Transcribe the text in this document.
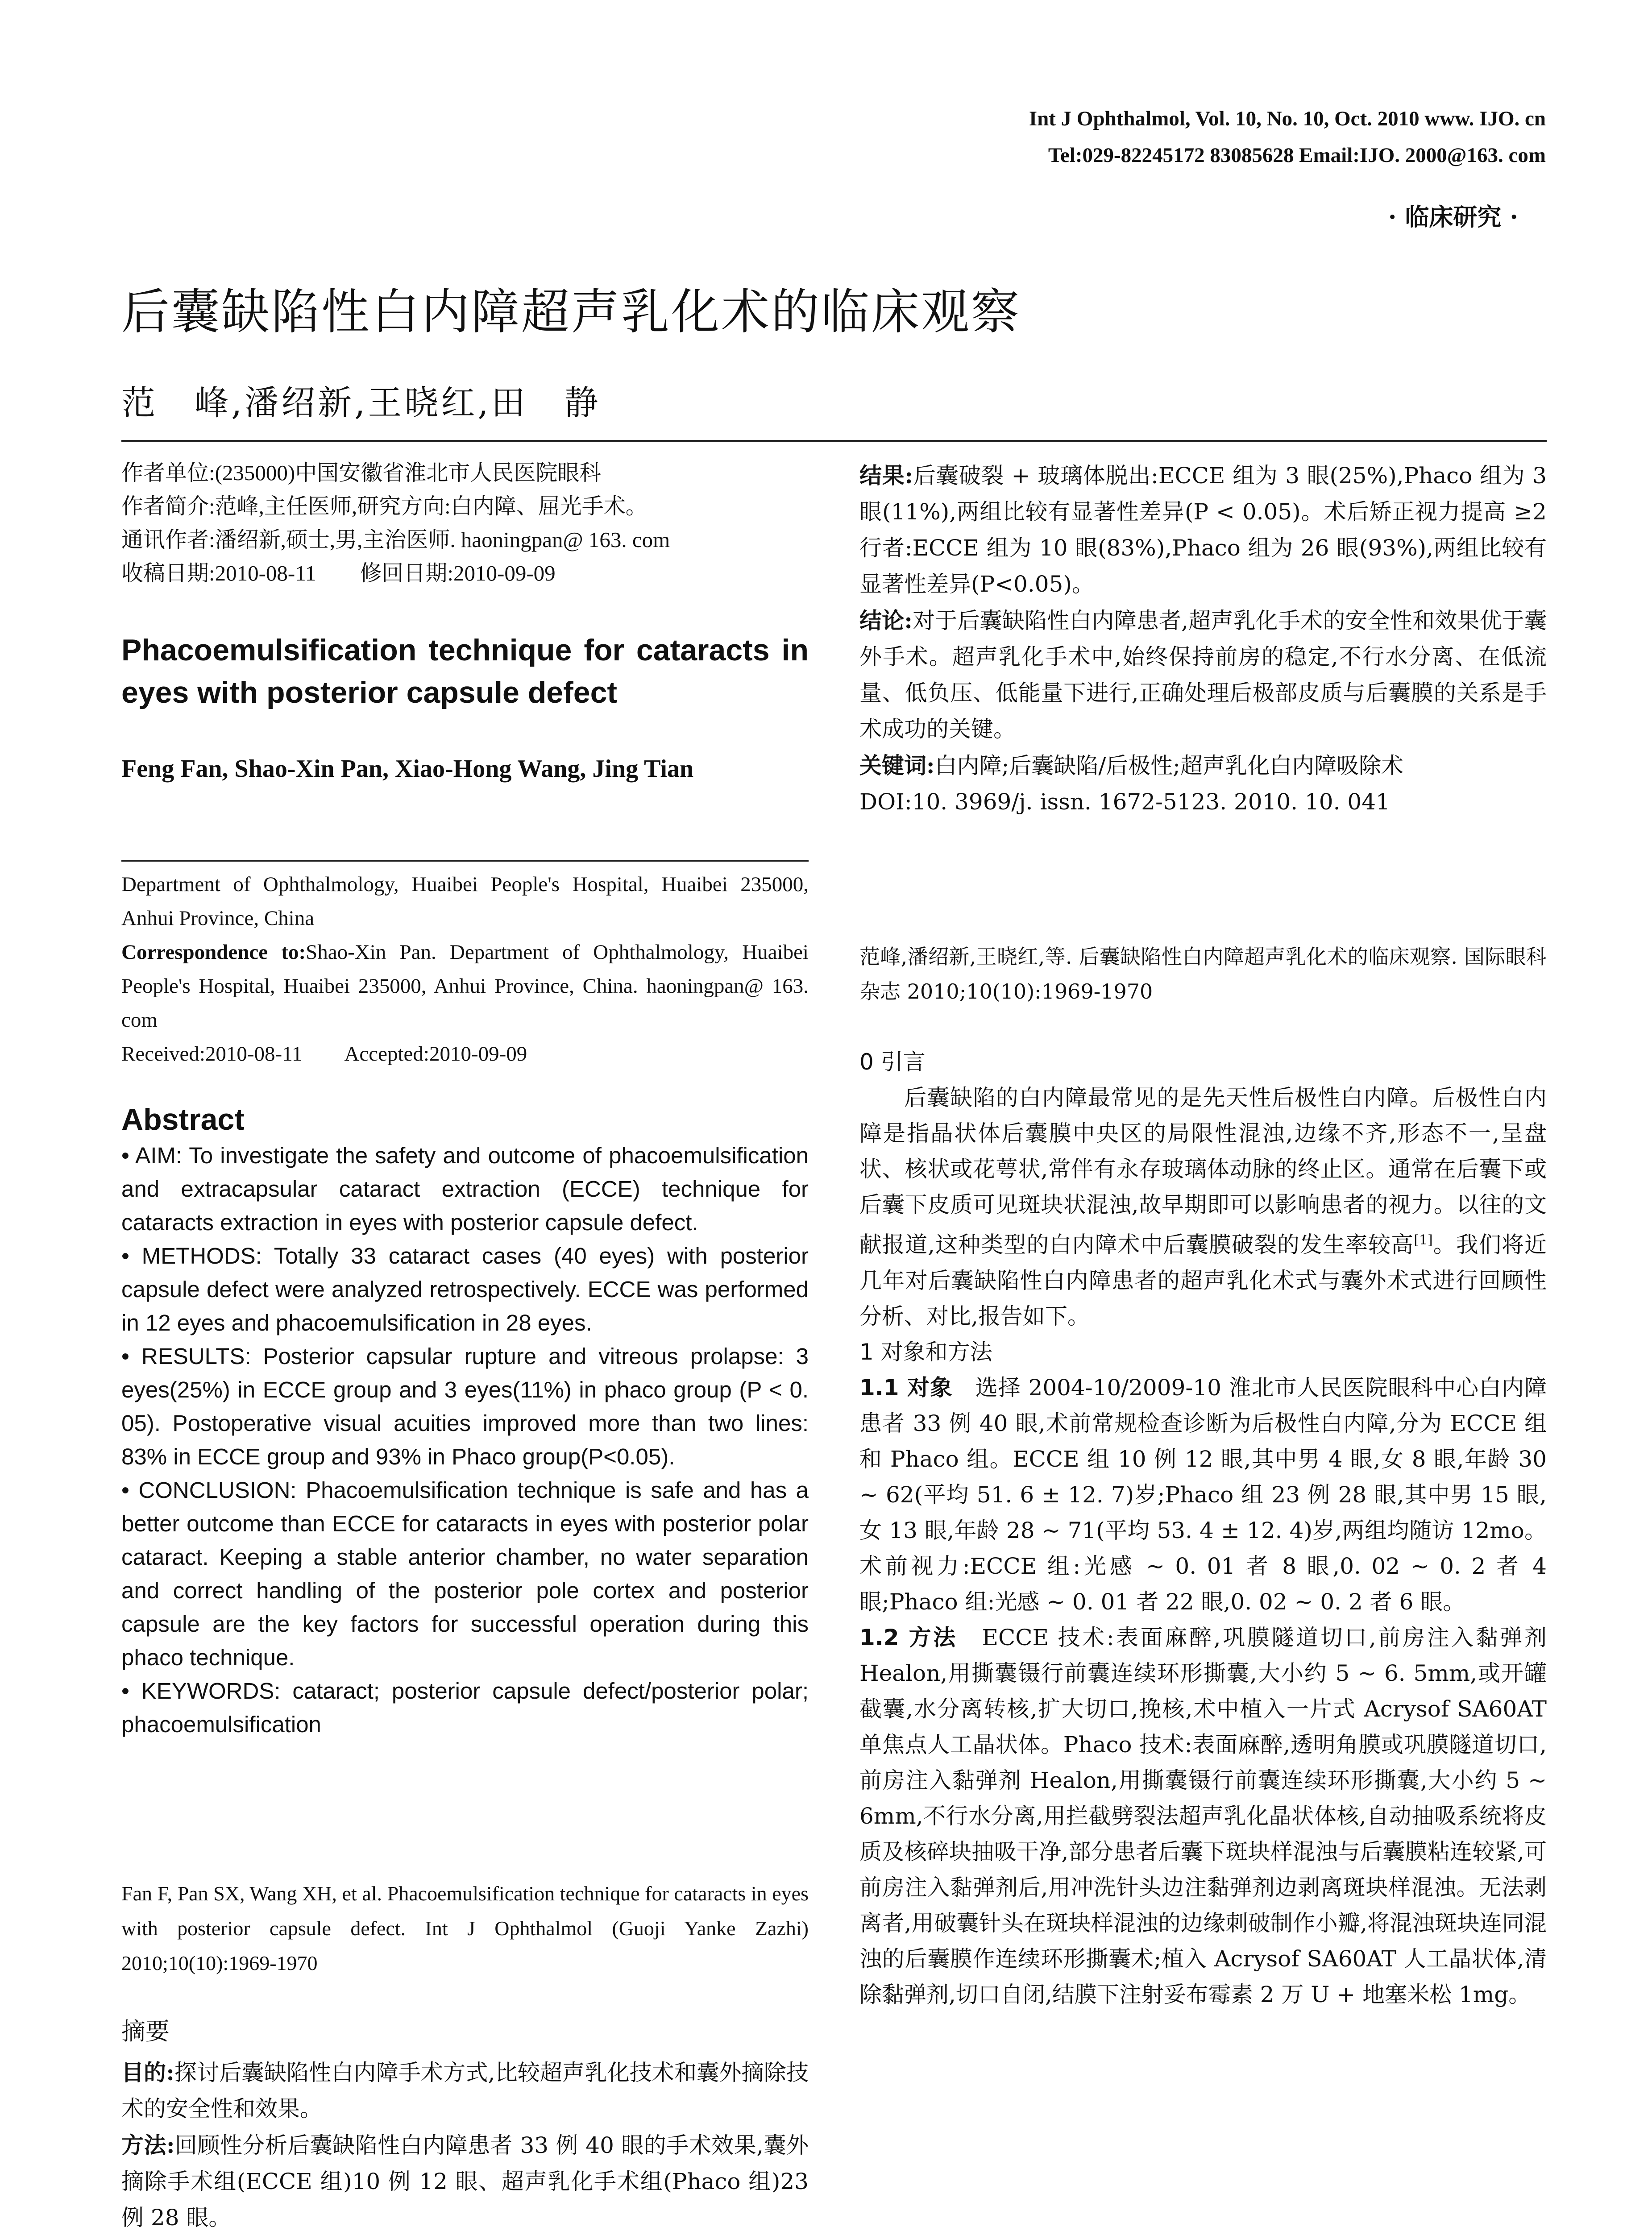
Int J Ophthalmol, Vol. 10, No. 10, Oct. 2010 www. IJO. cn
Tel:029-82245172 83085628 Email:IJO. 2000@163. com
· 临床研究 ·
后囊缺陷性白内障超声乳化术的临床观察
范　峰,潘绍新,王晓红,田　静

作者单位:(235000)中国安徽省淮北市人民医院眼科

作者简介:范峰,主任医师,研究方向:白内障、屈光手术。

通讯作者:潘绍新,硕士,男,主治医师. haoningpan@ 163. com

收稿日期:2010-08-11　　修回日期:2010-09-09

Phacoemulsification technique for cataracts in eyes with posterior capsule defect
Feng Fan, Shao-Xin Pan, Xiao-Hong Wang, Jing Tian

Department of Ophthalmology, Huaibei People's Hospital, Huaibei 235000, Anhui Province, China

Correspondence to:Shao-Xin Pan. Department of Ophthalmology, Huaibei People's Hospital, Huaibei 235000, Anhui Province, China. haoningpan@ 163. com

Received:2010-08-11　　Accepted:2010-09-09

Abstract

• AIM: To investigate the safety and outcome of phacoemulsification and extracapsular cataract extraction (ECCE) technique for cataracts extraction in eyes with posterior capsule defect.

• METHODS: Totally 33 cataract cases (40 eyes) with posterior capsule defect were analyzed retrospectively. ECCE was performed in 12 eyes and phacoemulsification in 28 eyes.

• RESULTS: Posterior capsular rupture and vitreous prolapse: 3 eyes(25%) in ECCE group and 3 eyes(11%) in phaco group (P < 0. 05). Postoperative visual acuities improved more than two lines: 83% in ECCE group and 93% in Phaco group(P<0.05).

• CONCLUSION: Phacoemulsification technique is safe and has a better outcome than ECCE for cataracts in eyes with posterior polar cataract. Keeping a stable anterior chamber, no water separation and correct handling of the posterior pole cortex and posterior capsule are the key factors for successful operation during this phaco technique.

• KEYWORDS: cataract; posterior capsule defect/posterior polar; phacoemulsification

Fan F, Pan SX, Wang XH, et al. Phacoemulsification technique for cataracts in eyes with posterior capsule defect. Int J Ophthalmol (Guoji Yanke Zazhi) 2010;10(10):1969-1970
摘要

目的:探讨后囊缺陷性白内障手术方式,比较超声乳化技术和囊外摘除技术的安全性和效果。

方法:回顾性分析后囊缺陷性白内障患者 33 例 40 眼的手术效果,囊外摘除手术组(ECCE 组)10 例 12 眼、超声乳化手术组(Phaco 组)23 例 28 眼。

结果:后囊破裂 + 玻璃体脱出:ECCE 组为 3 眼(25%),Phaco 组为 3 眼(11%),两组比较有显著性差异(P < 0.05)。术后矫正视力提高 ≥2 行者:ECCE 组为 10 眼(83%),Phaco 组为 26 眼(93%),两组比较有显著性差异(P<0.05)。

结论:对于后囊缺陷性白内障患者,超声乳化手术的安全性和效果优于囊外手术。超声乳化手术中,始终保持前房的稳定,不行水分离、在低流量、低负压、低能量下进行,正确处理后极部皮质与后囊膜的关系是手术成功的关键。

关键词:白内障;后囊缺陷/后极性;超声乳化白内障吸除术

DOI:10. 3969/j. issn. 1672-5123. 2010. 10. 041

范峰,潘绍新,王晓红,等. 后囊缺陷性白内障超声乳化术的临床观察. 国际眼科杂志 2010;10(10):1969-1970

0 引言

后囊缺陷的白内障最常见的是先天性后极性白内障。后极性白内障是指晶状体后囊膜中央区的局限性混浊,边缘不齐,形态不一,呈盘状、核状或花萼状,常伴有永存玻璃体动脉的终止区。通常在后囊下或后囊下皮质可见斑块状混浊,故早期即可以影响患者的视力。以往的文献报道,这种类型的白内障术中后囊膜破裂的发生率较高[1]。我们将近几年对后囊缺陷性白内障患者的超声乳化术式与囊外术式进行回顾性分析、对比,报告如下。

1 对象和方法

1.1 对象　选择 2004-10/2009-10 淮北市人民医院眼科中心白内障患者 33 例 40 眼,术前常规检查诊断为后极性白内障,分为 ECCE 组和 Phaco 组。ECCE 组 10 例 12 眼,其中男 4 眼,女 8 眼,年龄 30 ~ 62(平均 51. 6 ± 12. 7)岁;Phaco 组 23 例 28 眼,其中男 15 眼,女 13 眼,年龄 28 ~ 71(平均 53. 4 ± 12. 4)岁,两组均随访 12mo。术前视力:ECCE 组:光感 ~ 0. 01 者 8 眼,0. 02 ~ 0. 2 者 4 眼;Phaco 组:光感 ~ 0. 01 者 22 眼,0. 02 ~ 0. 2 者 6 眼。

1.2 方法　ECCE 技术:表面麻醉,巩膜隧道切口,前房注入黏弹剂 Healon,用撕囊镊行前囊连续环形撕囊,大小约 5 ~ 6. 5mm,或开罐截囊,水分离转核,扩大切口,挽核,术中植入一片式 Acrysof SA60AT 单焦点人工晶状体。Phaco 技术:表面麻醉,透明角膜或巩膜隧道切口,前房注入黏弹剂 Healon,用撕囊镊行前囊连续环形撕囊,大小约 5 ~ 6mm,不行水分离,用拦截劈裂法超声乳化晶状体核,自动抽吸系统将皮质及核碎块抽吸干净,部分患者后囊下斑块样混浊与后囊膜粘连较紧,可前房注入黏弹剂后,用冲洗针头边注黏弹剂边剥离斑块样混浊。无法剥离者,用破囊针头在斑块样混浊的边缘刺破制作小瓣,将混浊斑块连同混浊的后囊膜作连续环形撕囊术;植入 Acrysof SA60AT 人工晶状体,清除黏弹剂,切口自闭,结膜下注射妥布霉素 2 万 U + 地塞米松 1mg。
